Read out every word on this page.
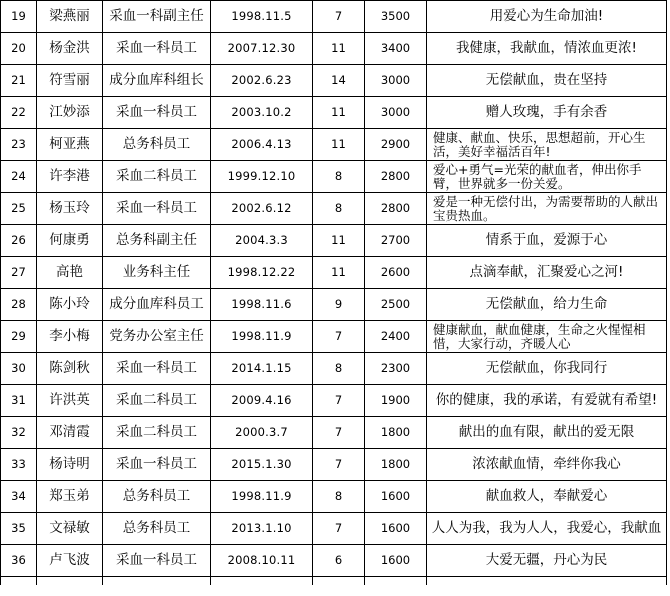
19	梁燕丽	采血一科副主任	1998.11.5	7	3500	用爱心为生命加油!
20	杨金洪	采血一科员工	2007.12.30	11	3400	我健康，我献血，情浓血更浓!
21	符雪丽	成分血库科组长	2002.6.23	14	3000	无偿献血，贵在坚持
22	江妙添	采血一科员工	2003.10.2	11	3000	赠人玫瑰，手有余香
23	柯亚燕	总务科员工	2006.4.13	11	2900	健康、献血、快乐，思想超前，开心生活，美好幸福活百年!
24	许李港	采血二科员工	1999.12.10	8	2800	爱心+勇气=光荣的献血者，伸出你手臂，世界就多一份关爱。
25	杨玉玲	采血一科员工	2002.6.12	8	2800	爱是一种无偿付出，为需要帮助的人献出宝贵热血。
26	何康勇	总务科副主任	2004.3.3	11	2700	情系于血，爱源于心
27	高艳	业务科主任	1998.12.22	11	2600	点滴奉献，汇聚爱心之河!
28	陈小玲	成分血库科员工	1998.11.6	9	2500	无偿献血，给力生命
29	李小梅	党务办公室主任	1998.11.9	7	2400	健康献血，献血健康，生命之火惺惺相惜，大家行动，齐暖人心
30	陈剑秋	采血一科员工	2014.1.15	8	2300	无偿献血，你我同行
31	许洪英	采血二科员工	2009.4.16	7	1900	你的健康，我的承诺，有爱就有希望!
32	邓清霞	采血二科员工	2000.3.7	7	1800	献出的血有限，献出的爱无限
33	杨诗明	采血一科员工	2015.1.30	7	1800	浓浓献血情，牵绊你我心
34	郑玉弟	总务科员工	1998.11.9	8	1600	献血救人，奉献爱心
35	文禄敏	总务科员工	2013.1.10	7	1600	人人为我，我为人人，我爱心，我献血
36	卢飞波	采血一科员工	2008.10.11	6	1600	大爱无疆，丹心为民
